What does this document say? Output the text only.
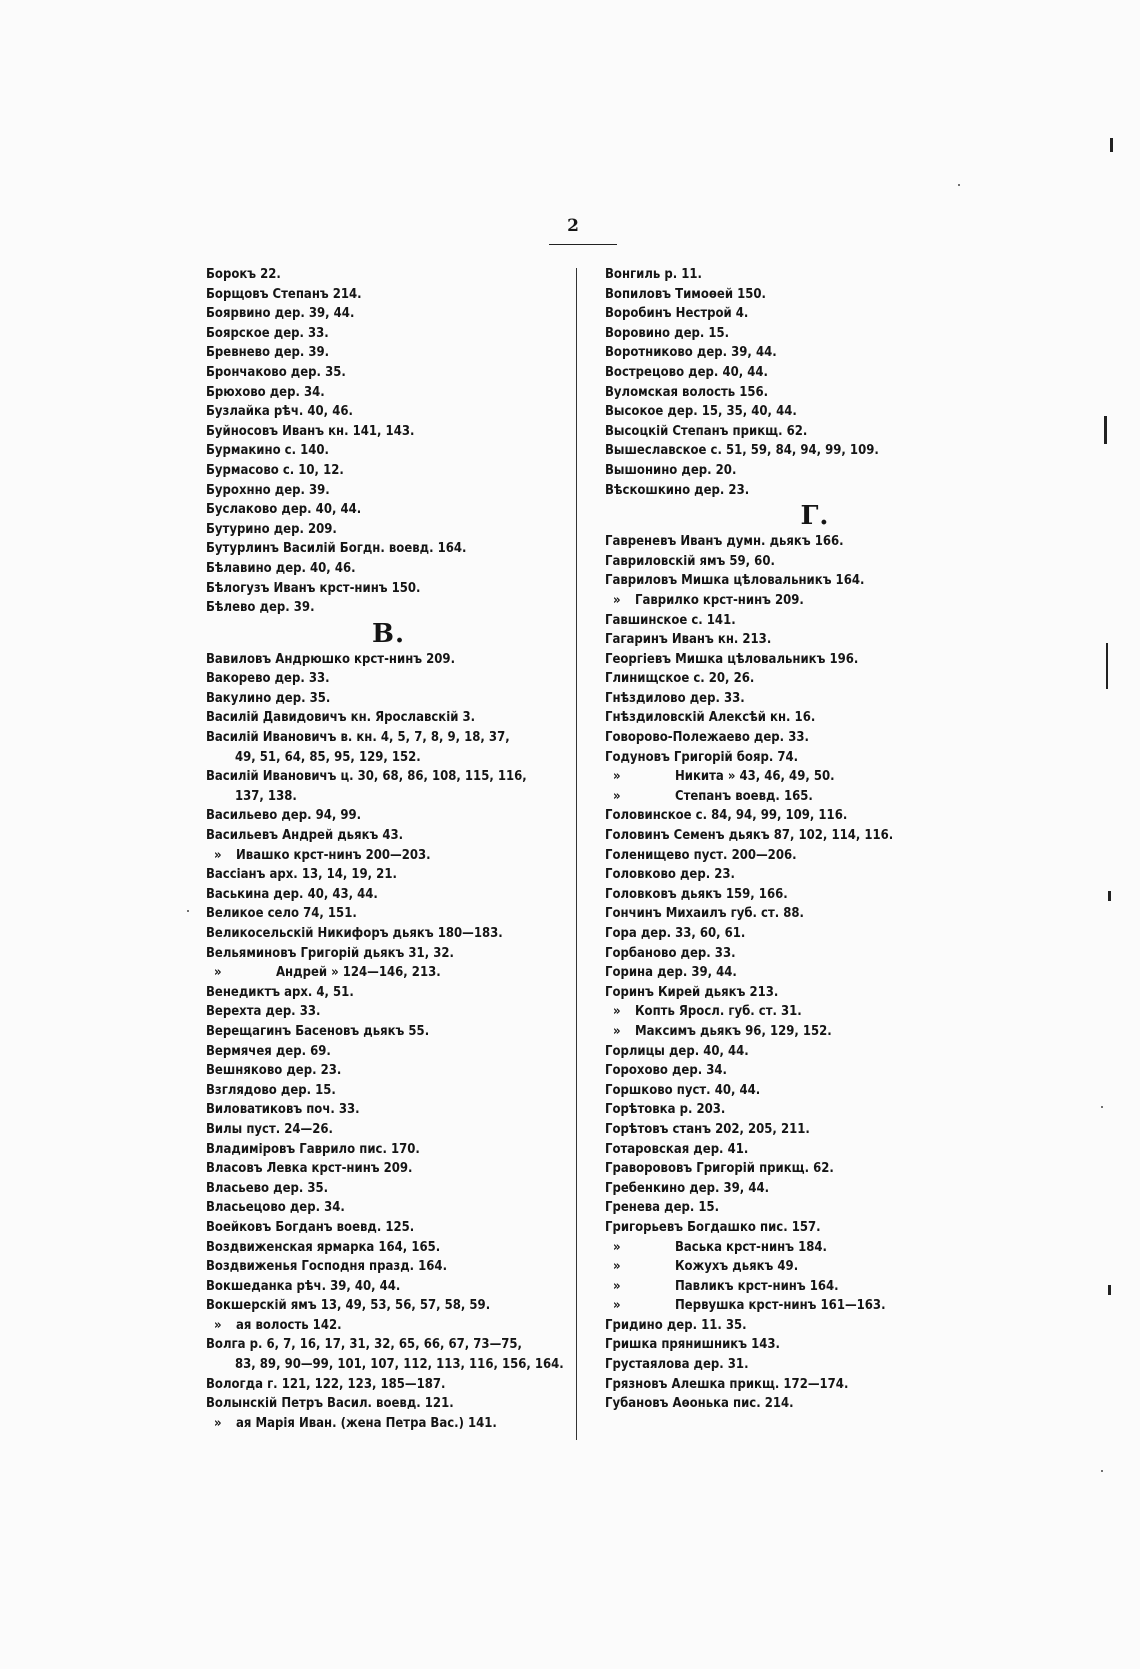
2
Борокъ 22.
Борщовъ Степанъ 214.
Боярвино дер. 39, 44.
Боярское дер. 33.
Бревнево дер. 39.
Брончаково дер. 35.
Брюхово дер. 34.
Бузлайка рѣч. 40, 46.
Буйносовъ Иванъ кн. 141, 143.
Бурмакино с. 140.
Бурмасово с. 10, 12.
Бурохнно дер. 39.
Буслаково дер. 40, 44.
Бутурино дер. 209.
Бутурлинъ Василій Богдн. воевд. 164.
Бѣлавино дер. 40, 46.
Бѣлогузъ Иванъ крст-нинъ 150.
Бѣлево дер. 39.
В.
Вавиловъ Андрюшко крст-нинъ 209.
Вакорево дер. 33.
Вакулино дер. 35.
Василій Давидовичъ кн. Ярославскій 3.
Василій Ивановичъ в. кн. 4, 5, 7, 8, 9, 18, 37,
49, 51, 64, 85, 95, 129, 152.
Василій Ивановичъ ц. 30, 68, 86, 108, 115, 116,
137, 138.
Васильево дер. 94, 99.
Васильевъ Андрей дьякъ 43.
» Ивашко крст-нинъ 200—203.
Вассіанъ арх. 13, 14, 19, 21.
Васькина дер. 40, 43, 44.
Великое село 74, 151.
Великосельскій Никифоръ дьякъ 180—183.
Вельяминовъ Григорій дьякъ 31, 32.
»	Андрей » 124—146, 213.
Венедиктъ арх. 4, 51.
Верехта дер. 33.
Верещагинъ Басеновъ дьякъ 55.
Вермячея дер. 69.
Вешняково дер. 23.
Взглядово дер. 15.
Виловатиковъ поч. 33.
Вилы пуст. 24—26.
Владиміровъ Гаврило пис. 170.
Власовъ Левка крст-нинъ 209.
Власьево дер. 35.
Власьецово дер. 34.
Воейковъ Богданъ воевд. 125.
Воздвиженская ярмарка 164, 165.
Воздвиженья Господня празд. 164.
Вокшеданка рѣч. 39, 40, 44.
Вокшерскій ямъ 13, 49, 53, 56, 57, 58, 59.
» ая волость 142.
Волга р. 6, 7, 16, 17, 31, 32, 65, 66, 67, 73—75,
83, 89, 90—99, 101, 107, 112, 113, 116, 156, 164.
Вологда г. 121, 122, 123, 185—187.
Волынскій Петръ Васил. воевд. 121.
» ая Марія Иван. (жена Петра Вас.) 141.
Вонгиль р. 11.
Вопиловъ Тимоѳей 150.
Воробинъ Нестрой 4.
Воровино дер. 15.
Воротниково дер. 39, 44.
Вострецово дер. 40, 44.
Вуломская волость 156.
Высокое дер. 15, 35, 40, 44.
Высоцкій Степанъ прикщ. 62.
Вышеславское с. 51, 59, 84, 94, 99, 109.
Вышонино дер. 20.
Вѣскошкино дер. 23.
Г.
Гавреневъ Иванъ думн. дьякъ 166.
Гавриловскій ямъ 59, 60.
Гавриловъ Мишка цѣловальникъ 164.
» Гаврилко крст-нинъ 209.
Гавшинское с. 141.
Гагаринъ Иванъ кн. 213.
Георгіевъ Мишка цѣловальникъ 196.
Глинищское с. 20, 26.
Гнѣздилово дер. 33.
Гнѣздиловскій Алексѣй кн. 16.
Говорово-Полежаево дер. 33.
Годуновъ Григорій бояр. 74.
»	Никита » 43, 46, 49, 50.
»	Степанъ воевд. 165.
Головинское с. 84, 94, 99, 109, 116.
Головинъ Семенъ дьякъ 87, 102, 114, 116.
Голенищево пуст. 200—206.
Головково дер. 23.
Головковъ дьякъ 159, 166.
Гончинъ Михаилъ губ. ст. 88.
Гора дер. 33, 60, 61.
Горбаново дер. 33.
Горина дер. 39, 44.
Горинъ Кирей дьякъ 213.
» Копть Яросл. губ. ст. 31.
» Максимъ дьякъ 96, 129, 152.
Горлицы дер. 40, 44.
Горохово дер. 34.
Горшково пуст. 40, 44.
Горѣтовка р. 203.
Горѣтовъ станъ 202, 205, 211.
Готаровская дер. 41.
Граворововъ Григорій прикщ. 62.
Гребенкино дер. 39, 44.
Гренева дер. 15.
Григорьевъ Богдашко пис. 157.
»	Васька крст-нинъ 184.
»	Кожухъ дьякъ 49.
»	Павликъ крст-нинъ 164.
»	Первушка крст-нинъ 161—163.
Гридино дер. 11. 35.
Гришка прянишникъ 143.
Грустаялова дер. 31.
Грязновъ Алешка прикщ. 172—174.
Губановъ Аѳонька пис. 214.
